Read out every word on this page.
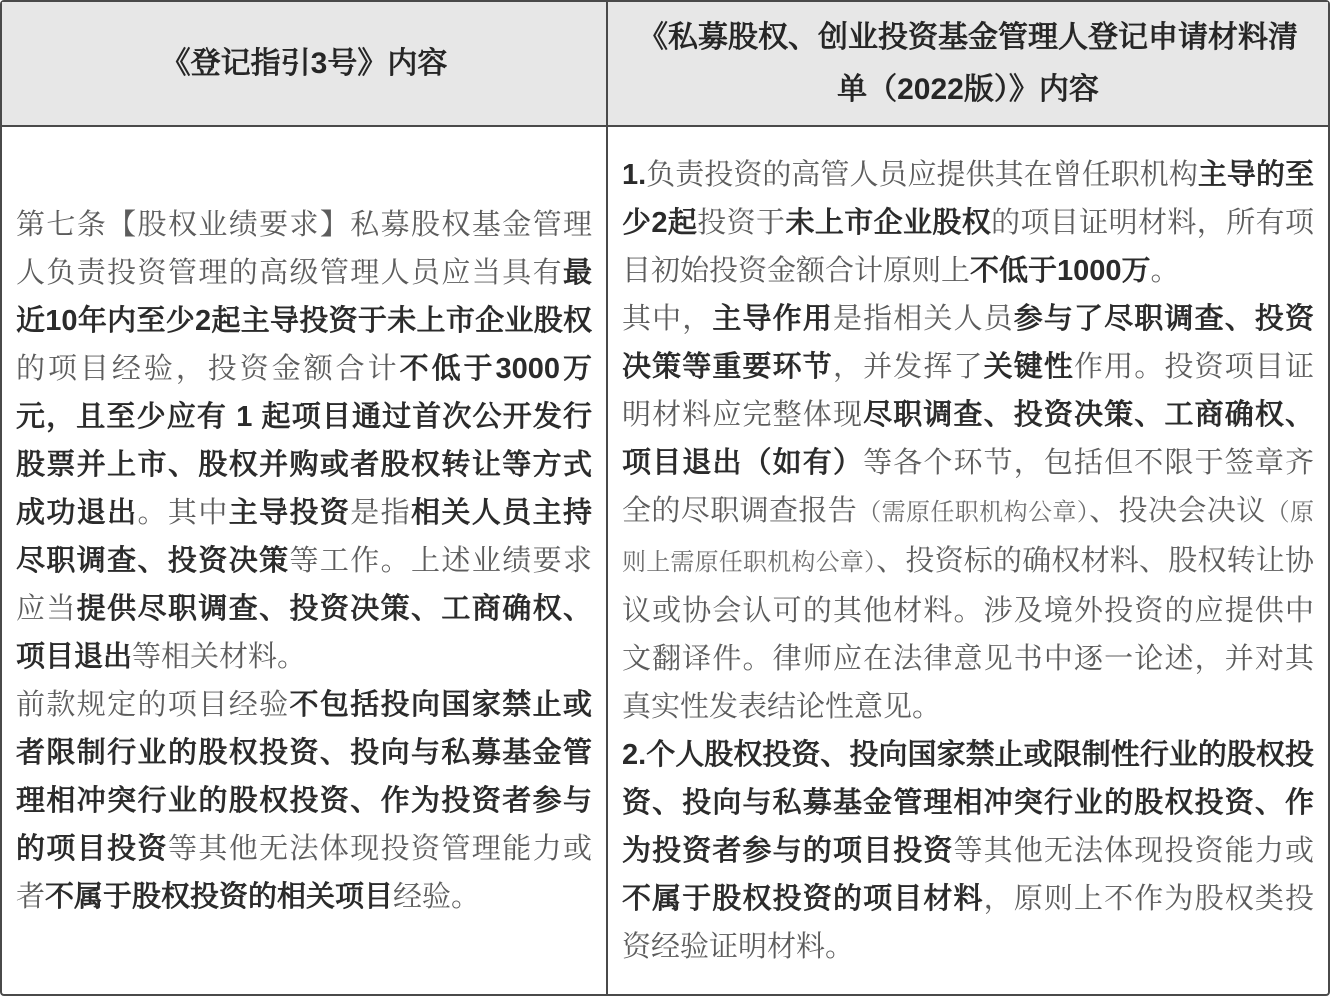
《登记指引3号》内容
《私募股权、创业投资基金管理人登记申请材料清单（2022版）》内容

第七条【股权业绩要求】私募股权基金管理人负责投资管理的高级管理人员应当具有最近10年内至少2起主导投资于未上市企业股权的项目经验，投资金额合计不低于3000万元，且至少应有 1 起项目通过首次公开发行股票并上市、股权并购或者股权转让等方式成功退出。其中主导投资是指相关人员主持尽职调查、投资决策等工作。上述业绩要求应当提供尽职调查、投资决策、工商确权、项目退出等相关材料。

前款规定的项目经验不包括投向国家禁止或者限制行业的股权投资、投向与私募基金管理相冲突行业的股权投资、作为投资者参与的项目投资等其他无法体现投资管理能力或者不属于股权投资的相关项目经验。

1.负责投资的高管人员应提供其在曾任职机构主导的至少2起投资于未上市企业股权的项目证明材料，所有项目初始投资金额合计原则上不低于1000万。

其中，主导作用是指相关人员参与了尽职调查、投资决策等重要环节，并发挥了关键性作用。投资项目证明材料应完整体现尽职调查、投资决策、工商确权、项目退出（如有）等各个环节，包括但不限于签章齐全的尽职调查报告（需原任职机构公章）、投决会决议（原则上需原任职机构公章）、投资标的确权材料、股权转让协议或协会认可的其他材料。涉及境外投资的应提供中文翻译件。律师应在法律意见书中逐一论述，并对其真实性发表结论性意见。

2.个人股权投资、投向国家禁止或限制性行业的股权投资、投向与私募基金管理相冲突行业的股权投资、作为投资者参与的项目投资等其他无法体现投资能力或不属于股权投资的项目材料，原则上不作为股权类投资经验证明材料。
